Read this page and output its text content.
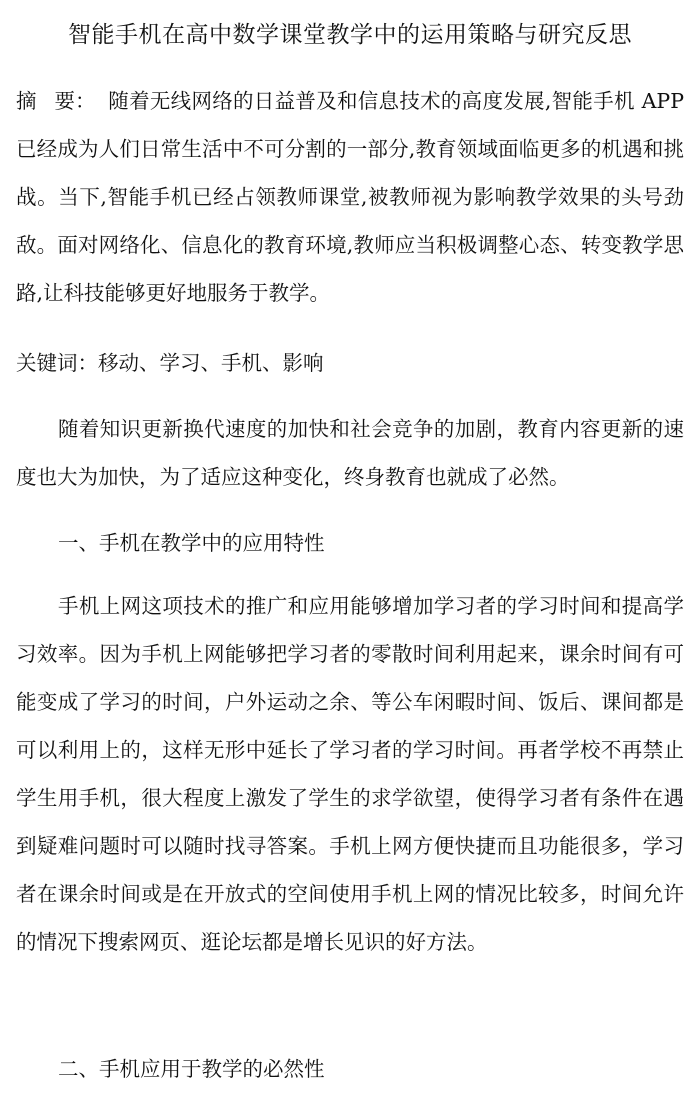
智能手机在高中数学课堂教学中的运用策略与研究反思

摘 要： 随着无线网络的日益普及和信息技术的高度发展,智能手机 APP 已经成为人们日常生活中不可分割的一部分,教育领域面临更多的机遇和挑战。当下,智能手机已经占领教师课堂,被教师视为影响教学效果的头号劲敌。面对网络化、信息化的教育环境,教师应当积极调整心态、转变教学思路,让科技能够更好地服务于教学。

关键词：移动、学习、手机、影响

随着知识更新换代速度的加快和社会竞争的加剧，教育内容更新的速度也大为加快，为了适应这种变化，终身教育也就成了必然。

一、手机在教学中的应用特性

手机上网这项技术的推广和应用能够增加学习者的学习时间和提高学习效率。因为手机上网能够把学习者的零散时间利用起来，课余时间有可能变成了学习的时间，户外运动之余、等公车闲暇时间、饭后、课间都是可以利用上的，这样无形中延长了学习者的学习时间。再者学校不再禁止学生用手机，很大程度上激发了学生的求学欲望，使得学习者有条件在遇到疑难问题时可以随时找寻答案。手机上网方便快捷而且功能很多，学习者在课余时间或是在开放式的空间使用手机上网的情况比较多，时间允许的情况下搜索网页、逛论坛都是增长见识的好方法。

二、手机应用于教学的必然性
